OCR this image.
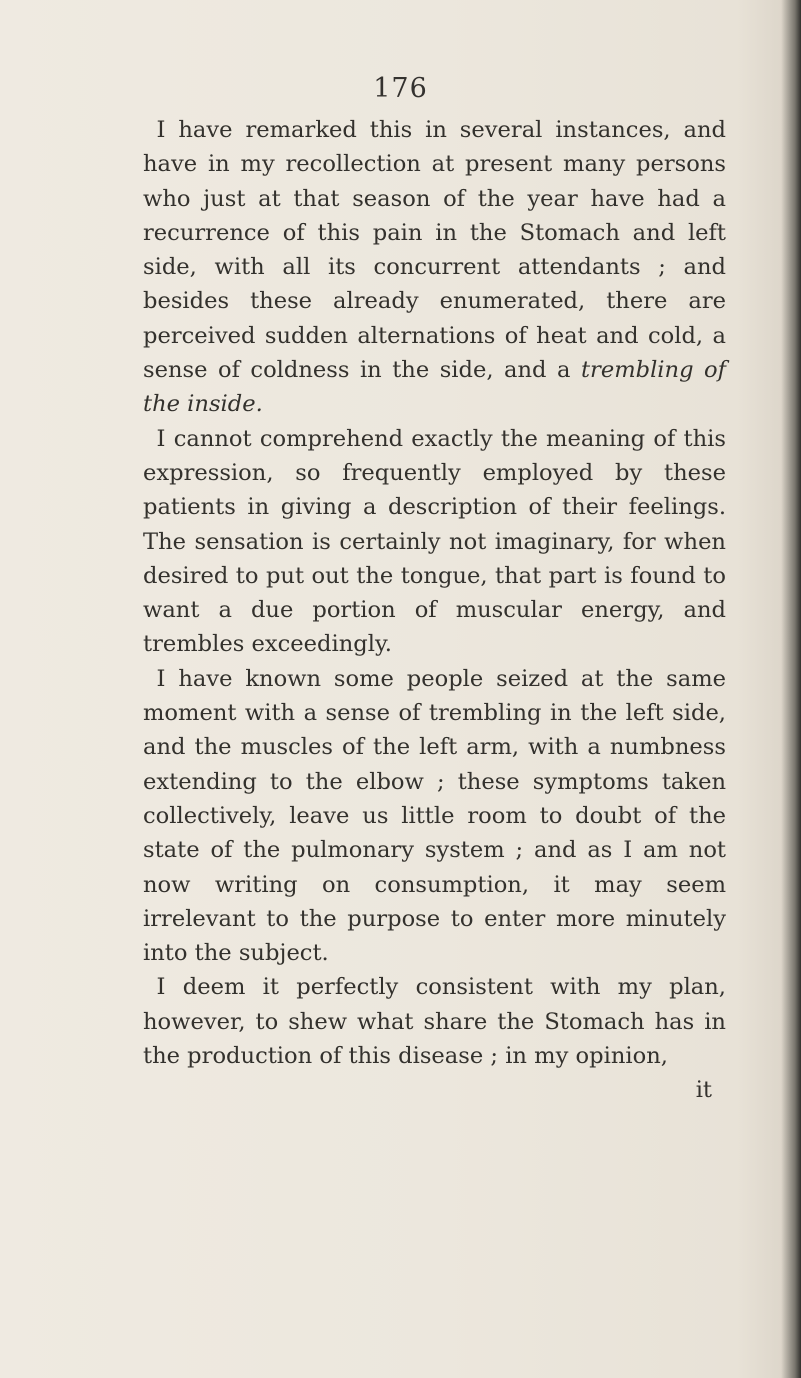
176

I have remarked this in several instances, and have in my recollection at present many persons who just at that season of the year have had a recurrence of this pain in the Stomach and left side, with all its concurrent attendants ; and besides these already enumerated, there are perceived sudden alternations of heat and cold, a sense of coldness in the side, and a trembling of the inside.

I cannot comprehend exactly the meaning of this expression, so frequently employed by these patients in giving a description of their feelings. The sensation is certainly not imaginary, for when desired to put out the tongue, that part is found to want a due portion of muscular energy, and trembles exceedingly.

I have known some people seized at the same moment with a sense of trembling in the left side, and the muscles of the left arm, with a numbness extending to the elbow ; these symptoms taken collectively, leave us little room to doubt of the state of the pulmonary system ; and as I am not now writing on consumption, it may seem irrelevant to the purpose to enter more minutely into the subject.

I deem it perfectly consistent with my plan, however, to shew what share the Stomach has in the production of this disease ; in my opinion,

it
